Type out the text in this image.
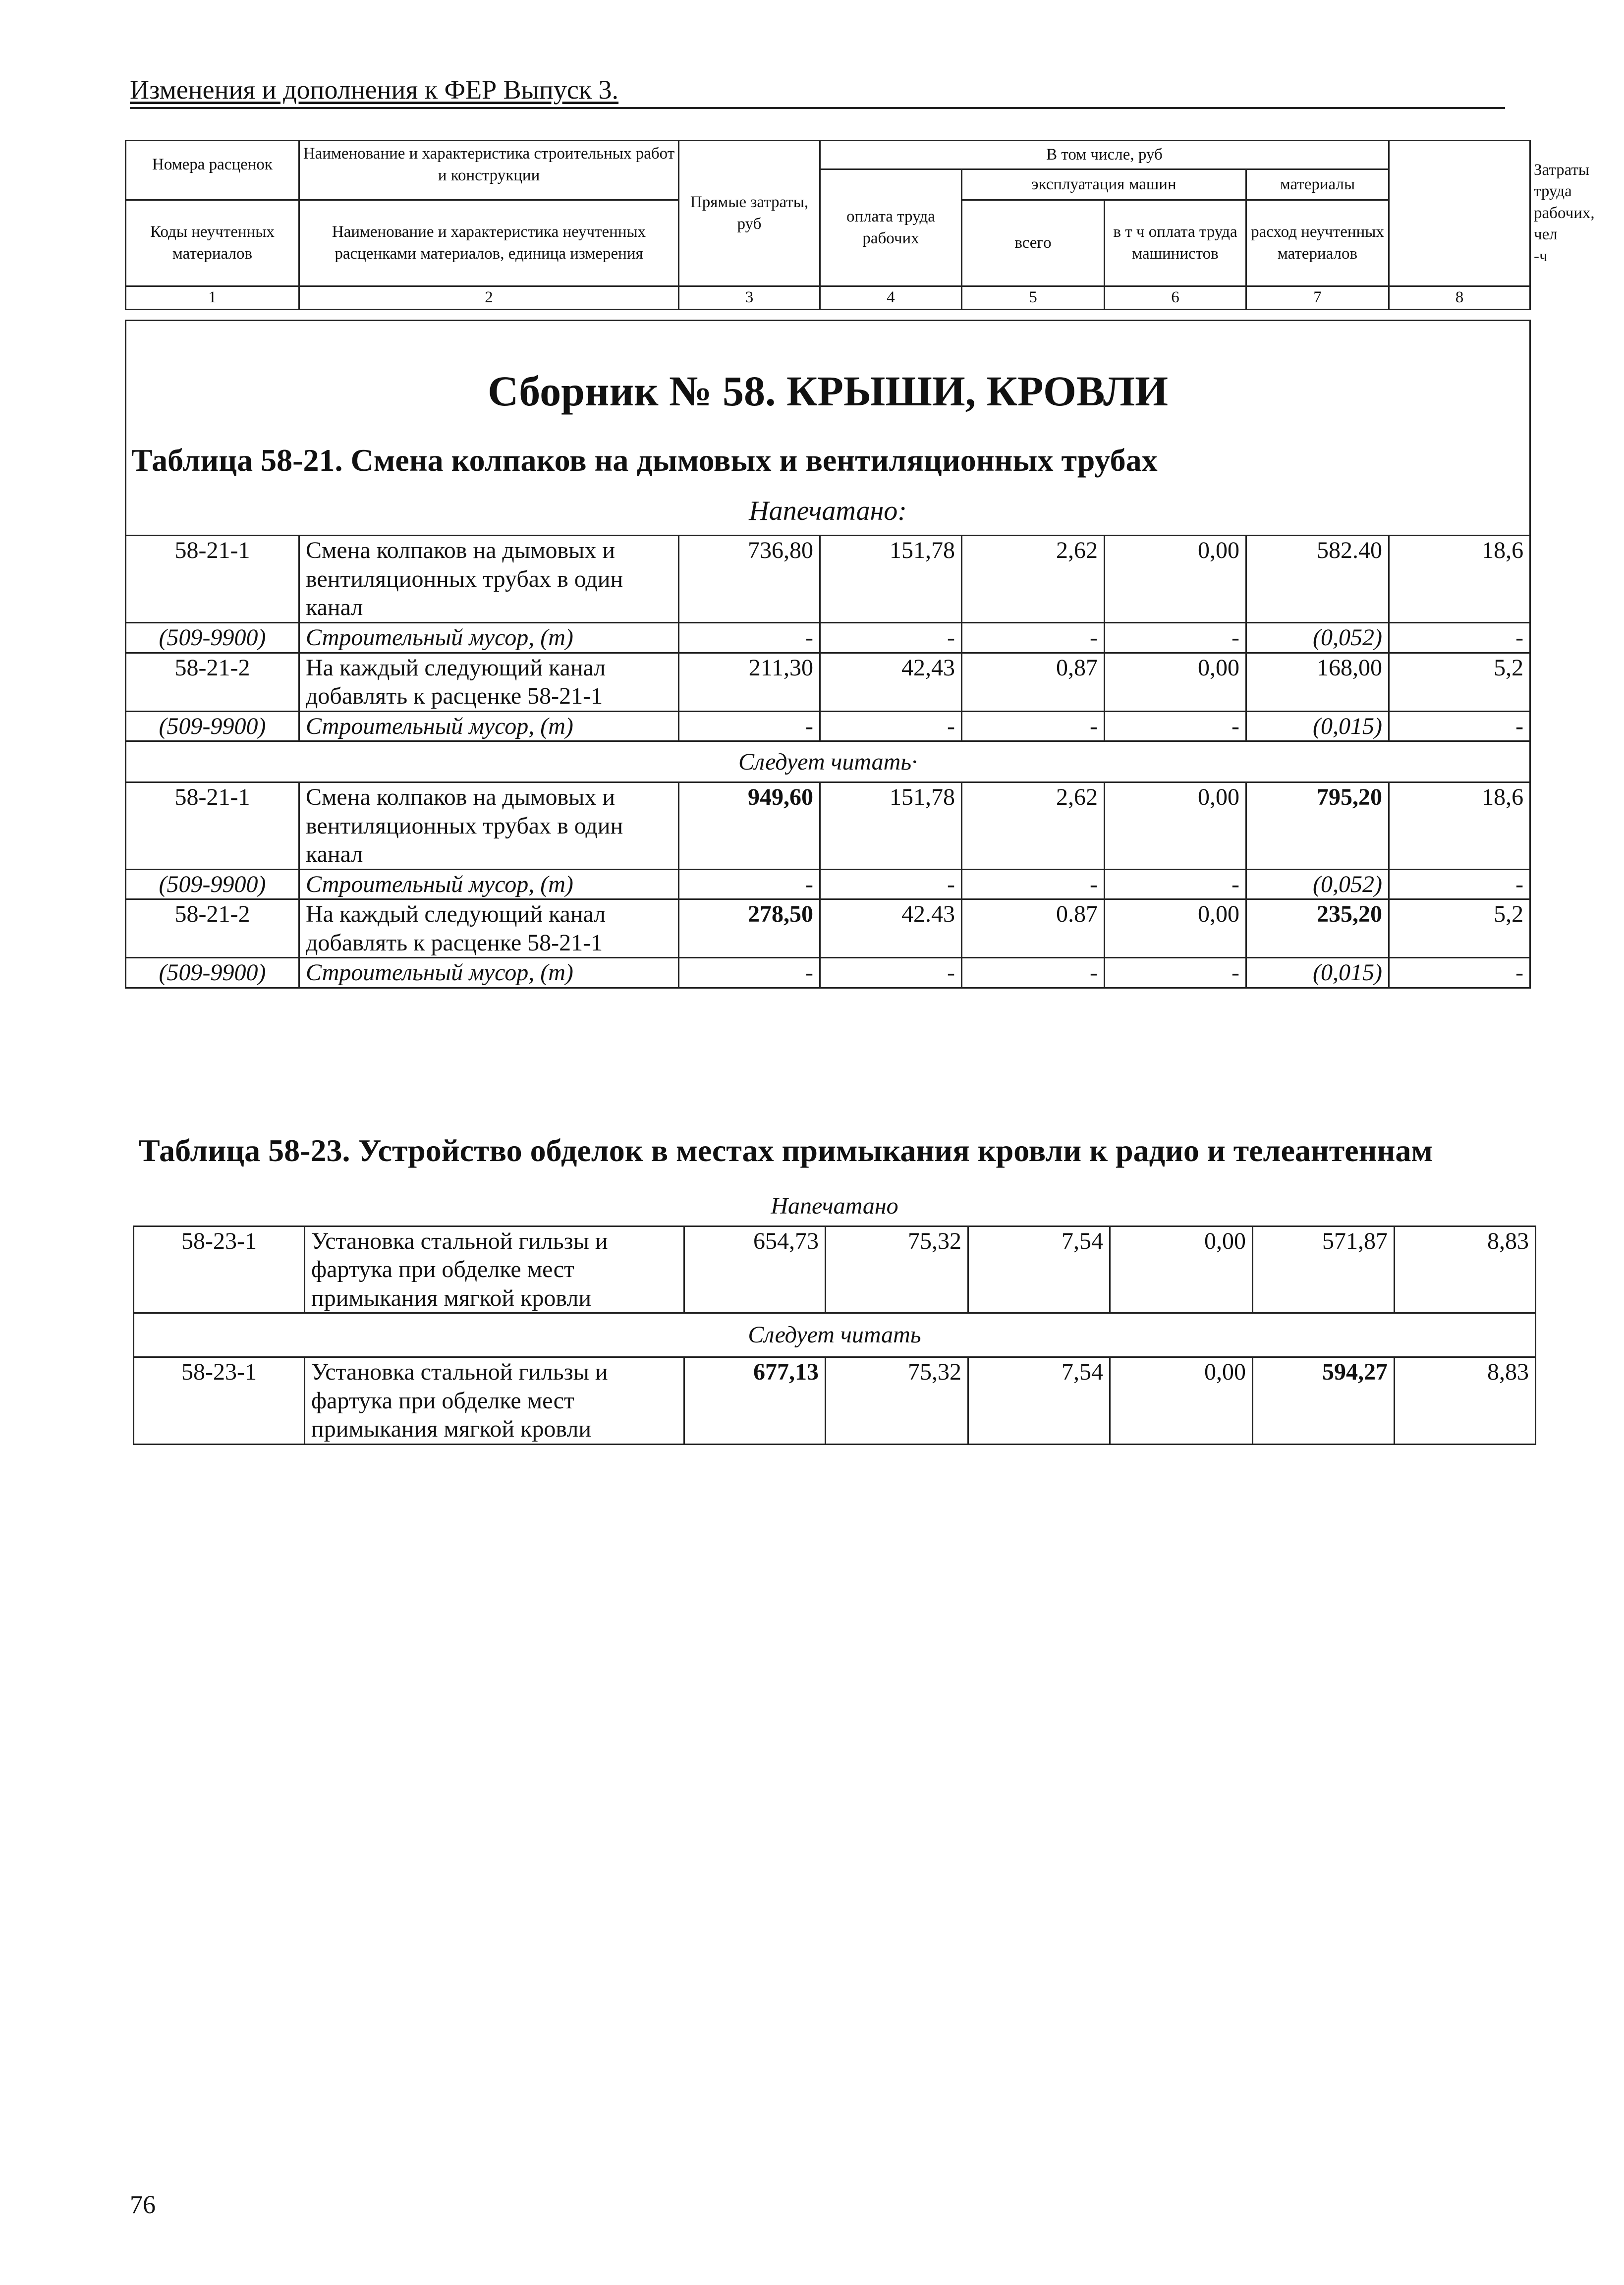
Изменения и дополнения к ФЕР Выпуск 3.
Номера расценок	Наименование и характеристика строительных работ и конструкции	Прямые затраты, руб	В том числе, руб					Затраты труда рабочих, чел -ч
			оплата труда рабочих	эксплуатация машин		материалы		
Коды неучтенных материалов	Наименование и характеристика неучтенных расценками материалов, единица измерения			всего	в т ч оплата труда машинистов	расход неучтенных материалов		

1	2	3	4	5	6	7	8	
Сборник № 58. КРЫШИ, КРОВЛИ
Таблица 58-21. Смена колпаков на дымовых и вентиляционных трубах
Напечатано:							

58-21-1	Смена колпаков на дымовых и вентиляционных трубах в один канал	736,80	151,78	2,62	0,00	582.40	18,6
(509-9900)	Строительный мусор, (т)	-	-	-	-	(0,052)	-
58-21-2	На каждый следующий канал добавлять к расценке 58-21-1	211,30	42,43	0,87	0,00	168,00	5,2
(509-9900)	Строительный мусор, (т)	-	-	-	-	(0,015)	-
Следует читать·							
58-21-1	Смена колпаков на дымовых и вентиляционных трубах в один канал	949,60	151,78	2,62	0,00	795,20	18,6
(509-9900)	Строительный мусор, (т)	-	-	-	-	(0,052)	-
58-21-2	На каждый следующий канал добавлять к расценке 58-21-1	278,50	42.43	0.87	0,00	235,20	5,2
(509-9900)	Строительный мусор, (т)	-	-	-	-	(0,015)	-
Таблица 58-23. Устройство обделок в местах примыкания кровли к радио и телеантеннам
Напечатано							
58-23-1	Установка стальной гильзы и фартука при обделке мест примыкания мягкой кровли	654,73	75,32	7,54	0,00	571,87	8,83
Следует читать							
58-23-1	Установка стальной гильзы и фартука при обделке мест примыкания мягкой кровли	677,13	75,32	7,54	0,00	594,27	8,83
76
